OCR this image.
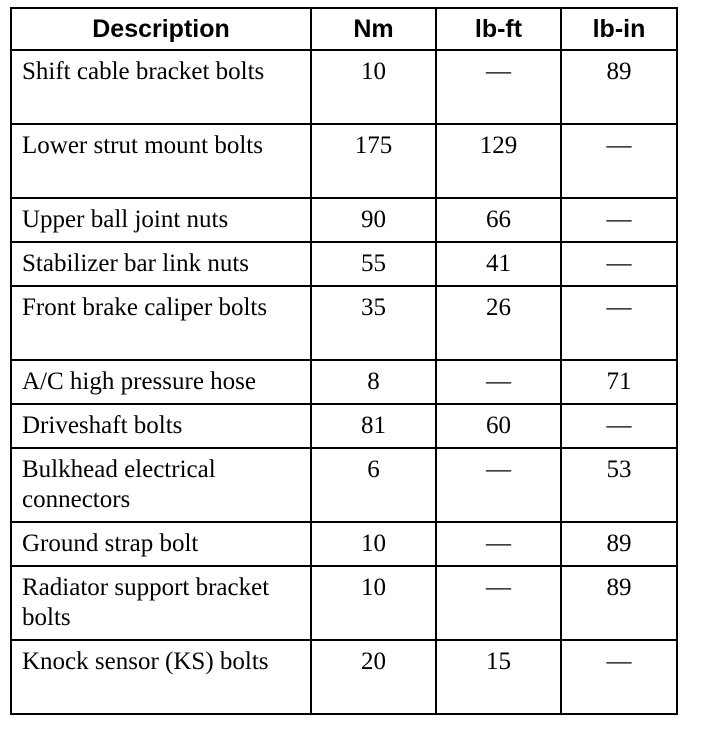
Description	Nm	lb-ft	lb-in
Shift cable bracket bolts	10	—	89
Lower strut mount bolts	175	129	—
Upper ball joint nuts	90	66	—
Stabilizer bar link nuts	55	41	—
Front brake caliper bolts	35	26	—
A/C high pressure hose	8	—	71
Driveshaft bolts	81	60	—
Bulkhead electrical connectors	6	—	53
Ground strap bolt	10	—	89
Radiator support bracket bolts	10	—	89
Knock sensor (KS) bolts	20	15	—
